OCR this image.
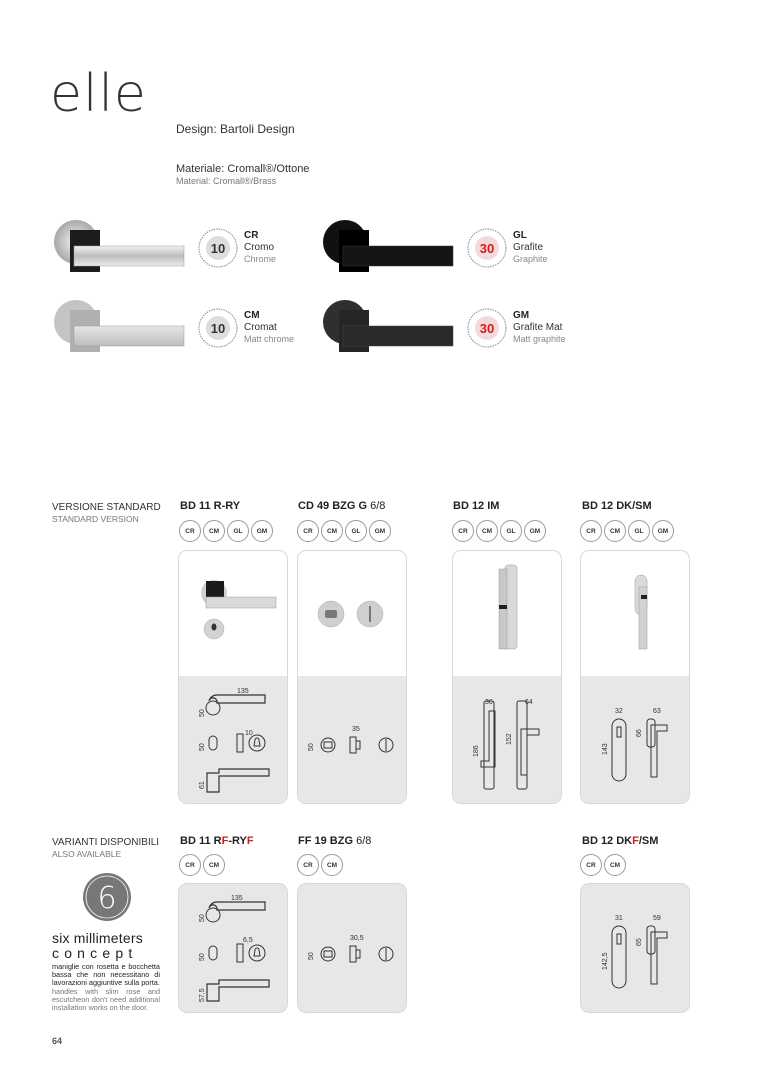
elle
Design: Bartoli Design
Materiale: Cromall®/Ottone
Material: Cromall®/Brass
10
CR
Cromo
Chrome
30
GL
Grafite
Graphite
10
CM
Cromat
Matt chrome
30
GM
Grafite Mat
Matt graphite
VERSIONE STANDARD
STANDARD VERSION
BD 11 R-RY
CR	CM	GL	GM
135
50
10
50
61
CD 49 BZG G 6/8
CR	CM	GL	GM
35
50
BD 12 IM
CR	CM	GL	GM
36	64
186
152
BD 12 DK/SM
CR	CM	GL	GM
32	63
143
66
VARIANTI DISPONIBILI
ALSO AVAILABLE
BD 11 RF-RYF
CR	CM
135
50
6,5
50
57,5
FF 19 BZG 6/8
CR	CM
30,5
50
BD 12 DKF/SM
CR	CM
31	59
142,5
65
6
six millimeters
concept
maniglie con rosetta e bocchetta bassa che non necessitano di lavorazioni aggiuntive sulla porta.
handles with slim rose and escutcheon don't need additional installation works on the door.
64
